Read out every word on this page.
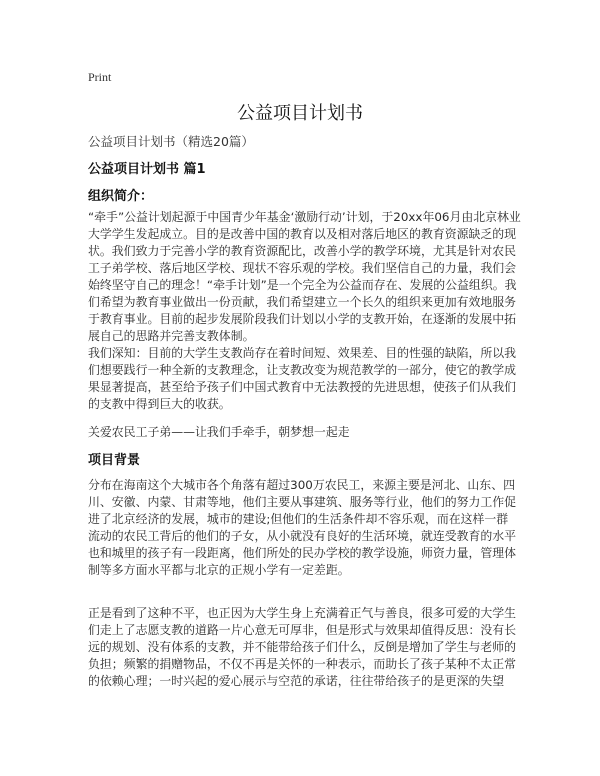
Print
公益项目计划书
公益项目计划书（精选20篇）
公益项目计划书 篇1
组织简介：
“牵手”公益计划起源于中国青少年基金‘激励行动’计划，于20xx年06月由北京林业
大学学生发起成立。目的是改善中国的教育以及相对落后地区的教育资源缺乏的现
状。我们致力于完善小学的教育资源配比，改善小学的教学环境，尤其是针对农民
工子弟学校、落后地区学校、现状不容乐观的学校。我们坚信自己的力量，我们会
始终坚守自己的理念！“牵手计划”是一个完全为公益而存在、发展的公益组织。我
们希望为教育事业做出一份贡献，我们希望建立一个长久的组织来更加有效地服务
于教育事业。目前的起步发展阶段我们计划以小学的支教开始，在逐渐的发展中拓
展自己的思路并完善支教体制。
我们深知：目前的大学生支教尚存在着时间短、效果差、目的性强的缺陷，所以我
们想要践行一种全新的支教理念，让支教改变为规范教学的一部分，使它的教学成
果显著提高，甚至给予孩子们中国式教育中无法教授的先进思想，使孩子们从我们
的支教中得到巨大的收获。
关爱农民工子弟——让我们手牵手，朝梦想一起走
项目背景
分布在海南这个大城市各个角落有超过300万农民工，来源主要是河北、山东、四
川、安徽、内蒙、甘肃等地，他们主要从事建筑、服务等行业，他们的努力工作促
进了北京经济的发展，城市的建设;但他们的生活条件却不容乐观，而在这样一群
流动的农民工背后的他们的子女，从小就没有良好的生活环境，就连受教育的水平
也和城里的孩子有一段距离，他们所处的民办学校的教学设施，师资力量，管理体
制等多方面水平都与北京的正规小学有一定差距。
正是看到了这种不平，也正因为大学生身上充满着正气与善良，很多可爱的大学生
们走上了志愿支教的道路一片心意无可厚非，但是形式与效果却值得反思：没有长
远的规划、没有体系的支教，并不能带给孩子们什么，反倒是增加了学生与老师的
负担；频繁的捐赠物品，不仅不再是关怀的一种表示，而助长了孩子某种不太正常
的依赖心理；一时兴起的爱心展示与空范的承诺，往往带给孩子的是更深的失望
